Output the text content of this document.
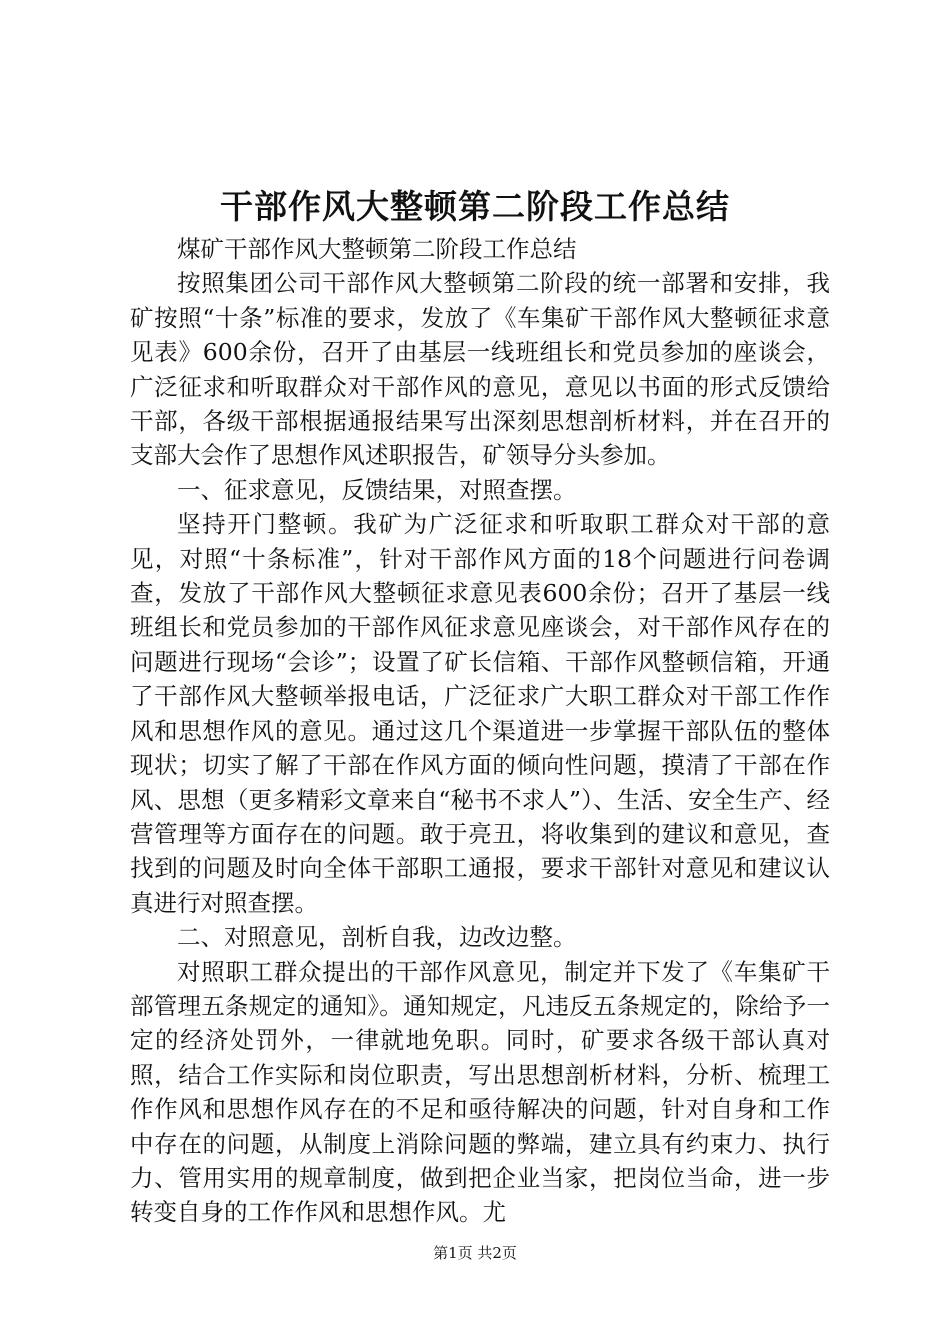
干部作风大整顿第二阶段工作总结

煤矿干部作风大整顿第二阶段工作总结

按照集团公司干部作风大整顿第二阶段的统一部署和安排，我矿按照“十条”标准的要求，发放了《车集矿干部作风大整顿征求意见表》600余份，召开了由基层一线班组长和党员参加的座谈会，广泛征求和听取群众对干部作风的意见，意见以书面的形式反馈给干部，各级干部根据通报结果写出深刻思想剖析材料，并在召开的支部大会作了思想作风述职报告，矿领导分头参加。

一、征求意见，反馈结果，对照查摆。

坚持开门整顿。我矿为广泛征求和听取职工群众对干部的意见，对照“十条标准”，针对干部作风方面的18个问题进行问卷调查，发放了干部作风大整顿征求意见表600余份；召开了基层一线班组长和党员参加的干部作风征求意见座谈会，对干部作风存在的问题进行现场“会诊”；设置了矿长信箱、干部作风整顿信箱，开通了干部作风大整顿举报电话，广泛征求广大职工群众对干部工作作风和思想作风的意见。通过这几个渠道进一步掌握干部队伍的整体现状；切实了解了干部在作风方面的倾向性问题，摸清了干部在作风、思想（更多精彩文章来自“秘书不求人”）、生活、安全生产、经营管理等方面存在的问题。敢于亮丑，将收集到的建议和意见，查找到的问题及时向全体干部职工通报，要求干部针对意见和建议认真进行对照查摆。

二、对照意见，剖析自我，边改边整。

对照职工群众提出的干部作风意见，制定并下发了《车集矿干部管理五条规定的通知》。通知规定，凡违反五条规定的，除给予一定的经济处罚外，一律就地免职。同时，矿要求各级干部认真对照，结合工作实际和岗位职责，写出思想剖析材料，分析、梳理工作作风和思想作风存在的不足和亟待解决的问题，针对自身和工作中存在的问题，从制度上消除问题的弊端，建立具有约束力、执行力、管用实用的规章制度，做到把企业当家，把岗位当命，进一步转变自身的工作作风和思想作风。尤

第1页 共2页
